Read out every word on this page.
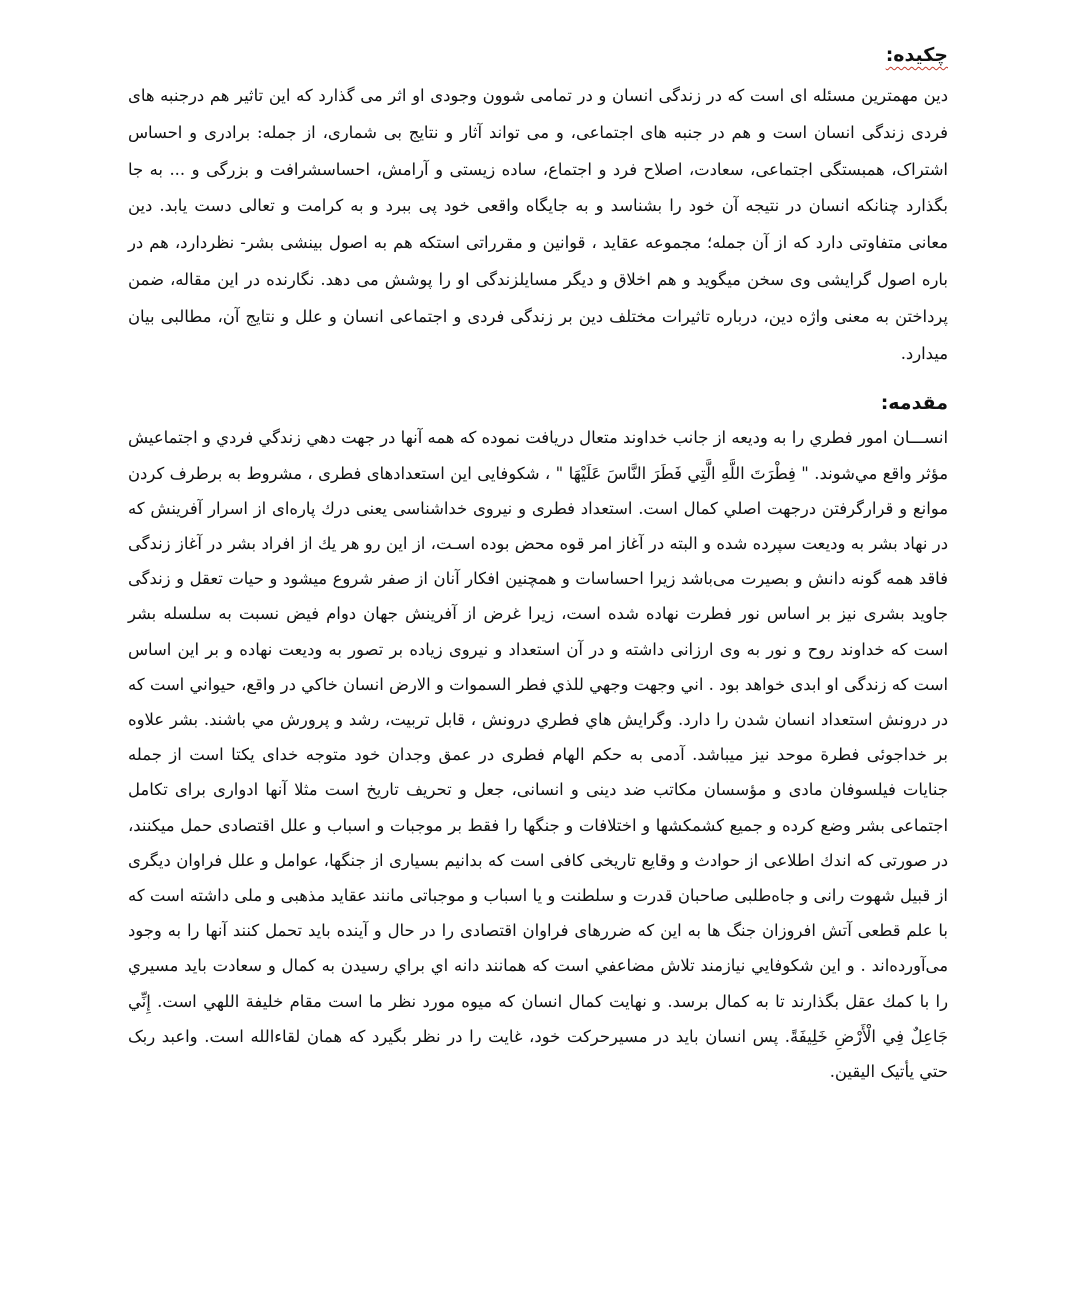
چکیده:

دین مهمترین مسئله ای است که در زندگی انسان و در تمامی شوون وجودی او اثر می گذارد که این تاثیر هم درجنبه های فردی زندگی انسان است و هم در جنبه های اجتماعی، و می تواند آثار و نتایج بی شماری، از جمله: برادری و احساس اشتراک، همبستگی اجتماعی، سعادت، اصلاح فرد و اجتماع، ساده زیستی و آرامش، احساسشرافت و بزرگی و ... به جا بگذارد چنانکه انسان در نتیجه آن خود را بشناسد و به جایگاه واقعی خود پی ببرد و به کرامت و تعالی دست یابد. دین معانی متفاوتی دارد که از آن جمله؛ مجموعه عقاید ، قوانین و مقرراتی استکه هم به اصول بینشی بشر- نظردارد، هم در باره اصول گرایشی وی سخن میگوید و هم اخلاق و دیگر مسایلزندگی او را پوشش می دهد. نگارنده در این مقاله، ضمن پرداختن به معنی واژه دین، درباره تاثیرات مختلف دین بر زندگی فردی و اجتماعی انسان و علل و نتایج آن، مطالبی بیان میدارد.

مقدمه:

انســـان امور فطري را به وديعه از جانب خداوند متعال دريافت نموده كه همه آنها در جهت دهي زندگي فردي و اجتماعيش مؤثر واقع مي‌شوند. " فِطْرَتَ اللَّهِ الَّتِي فَطَرَ النَّاسَ عَلَيْهَا " ، شکوفایی این استعدادهای فطری ، مشروط به برطرف كردن موانع و قرارگرفتن درجهت اصلي كمال است. استعداد فطری و نیروی خداشناسی یعنی درك پاره‌ای از اسرار آفرینش كه در نهاد بشر به ودیعت سپرده شده و البته در آغاز امر قوه محض بوده اسـت، از این رو هر یك از افراد بشر در آغاز زندگی فاقد همه گونه دانش و بصیرت می‌باشد زیرا احساسات و همچنین افکار آنان از صفر شروع میشود و حیات تعقل و زندگی جاوید بشری نیز بر اساس نور فطرت نهاده شده است، زیرا غرض از آفرینش جهان دوام فیض نسبت به سلسله بشر است که خداوند روح و نور به وی ارزانی داشته و در آن استعداد و نیروی زیاده بر تصور به ودیعت نهاده و بر این اساس است که زندگی او ابدی خواهد بود . اني وجهت وجهي للذي فطر السموات و الارض انسان خاكي در واقع، حيواني است كه در درونش استعداد انسان شدن را دارد. وگرايش هاي فطري درونش ، قابل تربيت، رشد و پرورش مي باشند. بشر علاوه بر خداجوئی فطرة موحد نیز میباشد. آدمی به حکم الهام فطری در عمق وجدان خود متوجه خدای یکتا است از جمله جنایات فیلسوفان مادی و مؤسسان مکاتب ضد دینی و انسانی، جعل و تحریف تاریخ است مثلا آنها ادواری برای تکامل اجتماعی بشر وضع کرده و جمیع کشمکشها و اختلافات و جنگها را فقط بر موجبات و اسباب و علل اقتصادی حمل میکنند، در صورتی که اندك اطلاعی از حوادث و وقایع تاریخی کافی است که بدانیم بسیاری از جنگها، عوامل و علل فراوان دیگری از قبیل شهوت رانی و جاه‌طلبی صاحبان قدرت و سلطنت و یا اسباب و موجباتی مانند عقاید مذهبی و ملی داشته است که با علم قطعی آتش افروزان جنگ ها به این که ضررهای فراوان اقتصادی را در حال و آینده باید تحمل کنند آنها را به وجود می‌آورده‌اند . و اين شكوفايي نيازمند تلاش مضاعفي است كه همانند دانه اي براي رسيدن به كمال و سعادت بايد مسيري را با كمك عقل بگذارند تا به كمال برسد. و نهايت كمال انسان كه ميوه مورد نظر ما است مقام خليفة اللهي است. إِنِّي جَاعِلٌ فِي الْأَرْضِ خَلِيفَةً. پس انسان باید در مسیرحرکت خود، غایت را در نظر بگیرد که همان لقاءالله است. واعبد ربک حتي يأتيک اليقين.
